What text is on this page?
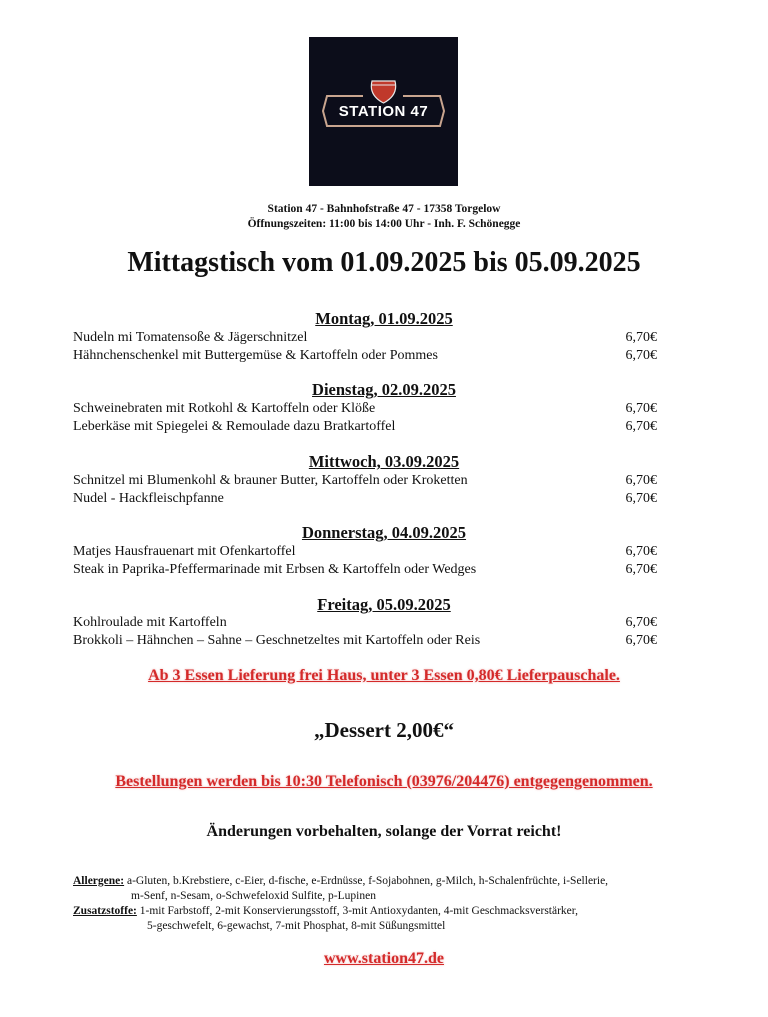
STATION 47
Station 47 - Bahnhofstraße 47 - 17358 Torgelow
Öffnungszeiten: 11:00 bis 14:00 Uhr - Inh. F. Schönegge
Mittagstisch vom 01.09.2025 bis 05.09.2025
Montag, 01.09.2025
Nudeln mi Tomatensoße & Jägerschnitzel	6,70€
Hähnchenschenkel mit Buttergemüse & Kartoffeln oder Pommes	6,70€
Dienstag, 02.09.2025
Schweinebraten mit Rotkohl & Kartoffeln oder Klöße	6,70€
Leberkäse mit Spiegelei & Remoulade dazu Bratkartoffel	6,70€
Mittwoch, 03.09.2025
Schnitzel mi Blumenkohl & brauner Butter, Kartoffeln oder Kroketten	6,70€
Nudel - Hackfleischpfanne	6,70€
Donnerstag, 04.09.2025
Matjes Hausfrauenart mit Ofenkartoffel	6,70€
Steak in Paprika-Pfeffermarinade mit Erbsen & Kartoffeln oder Wedges	6,70€
Freitag, 05.09.2025
Kohlroulade mit Kartoffeln	6,70€
Brokkoli – Hähnchen – Sahne – Geschnetzeltes mit Kartoffeln oder Reis	6,70€
Ab 3 Essen Lieferung frei Haus, unter 3 Essen 0,80€ Lieferpauschale.
„Dessert 2,00€“
Bestellungen werden bis 10:30 Telefonisch (03976/204476) entgegengenommen.
Änderungen vorbehalten, solange der Vorrat reicht!
Allergene: a-Gluten, b.Krebstiere, c-Eier, d-fische, e-Erdnüsse, f-Sojabohnen, g-Milch, h-Schalenfrüchte, i-Sellerie,
m-Senf, n-Sesam, o-Schwefeloxid Sulfite, p-Lupinen
Zusatzstoffe: 1-mit Farbstoff, 2-mit Konservierungsstoff, 3-mit Antioxydanten, 4-mit Geschmacksverstärker,
5-geschwefelt, 6-gewachst, 7-mit Phosphat, 8-mit Süßungsmittel
www.station47.de
